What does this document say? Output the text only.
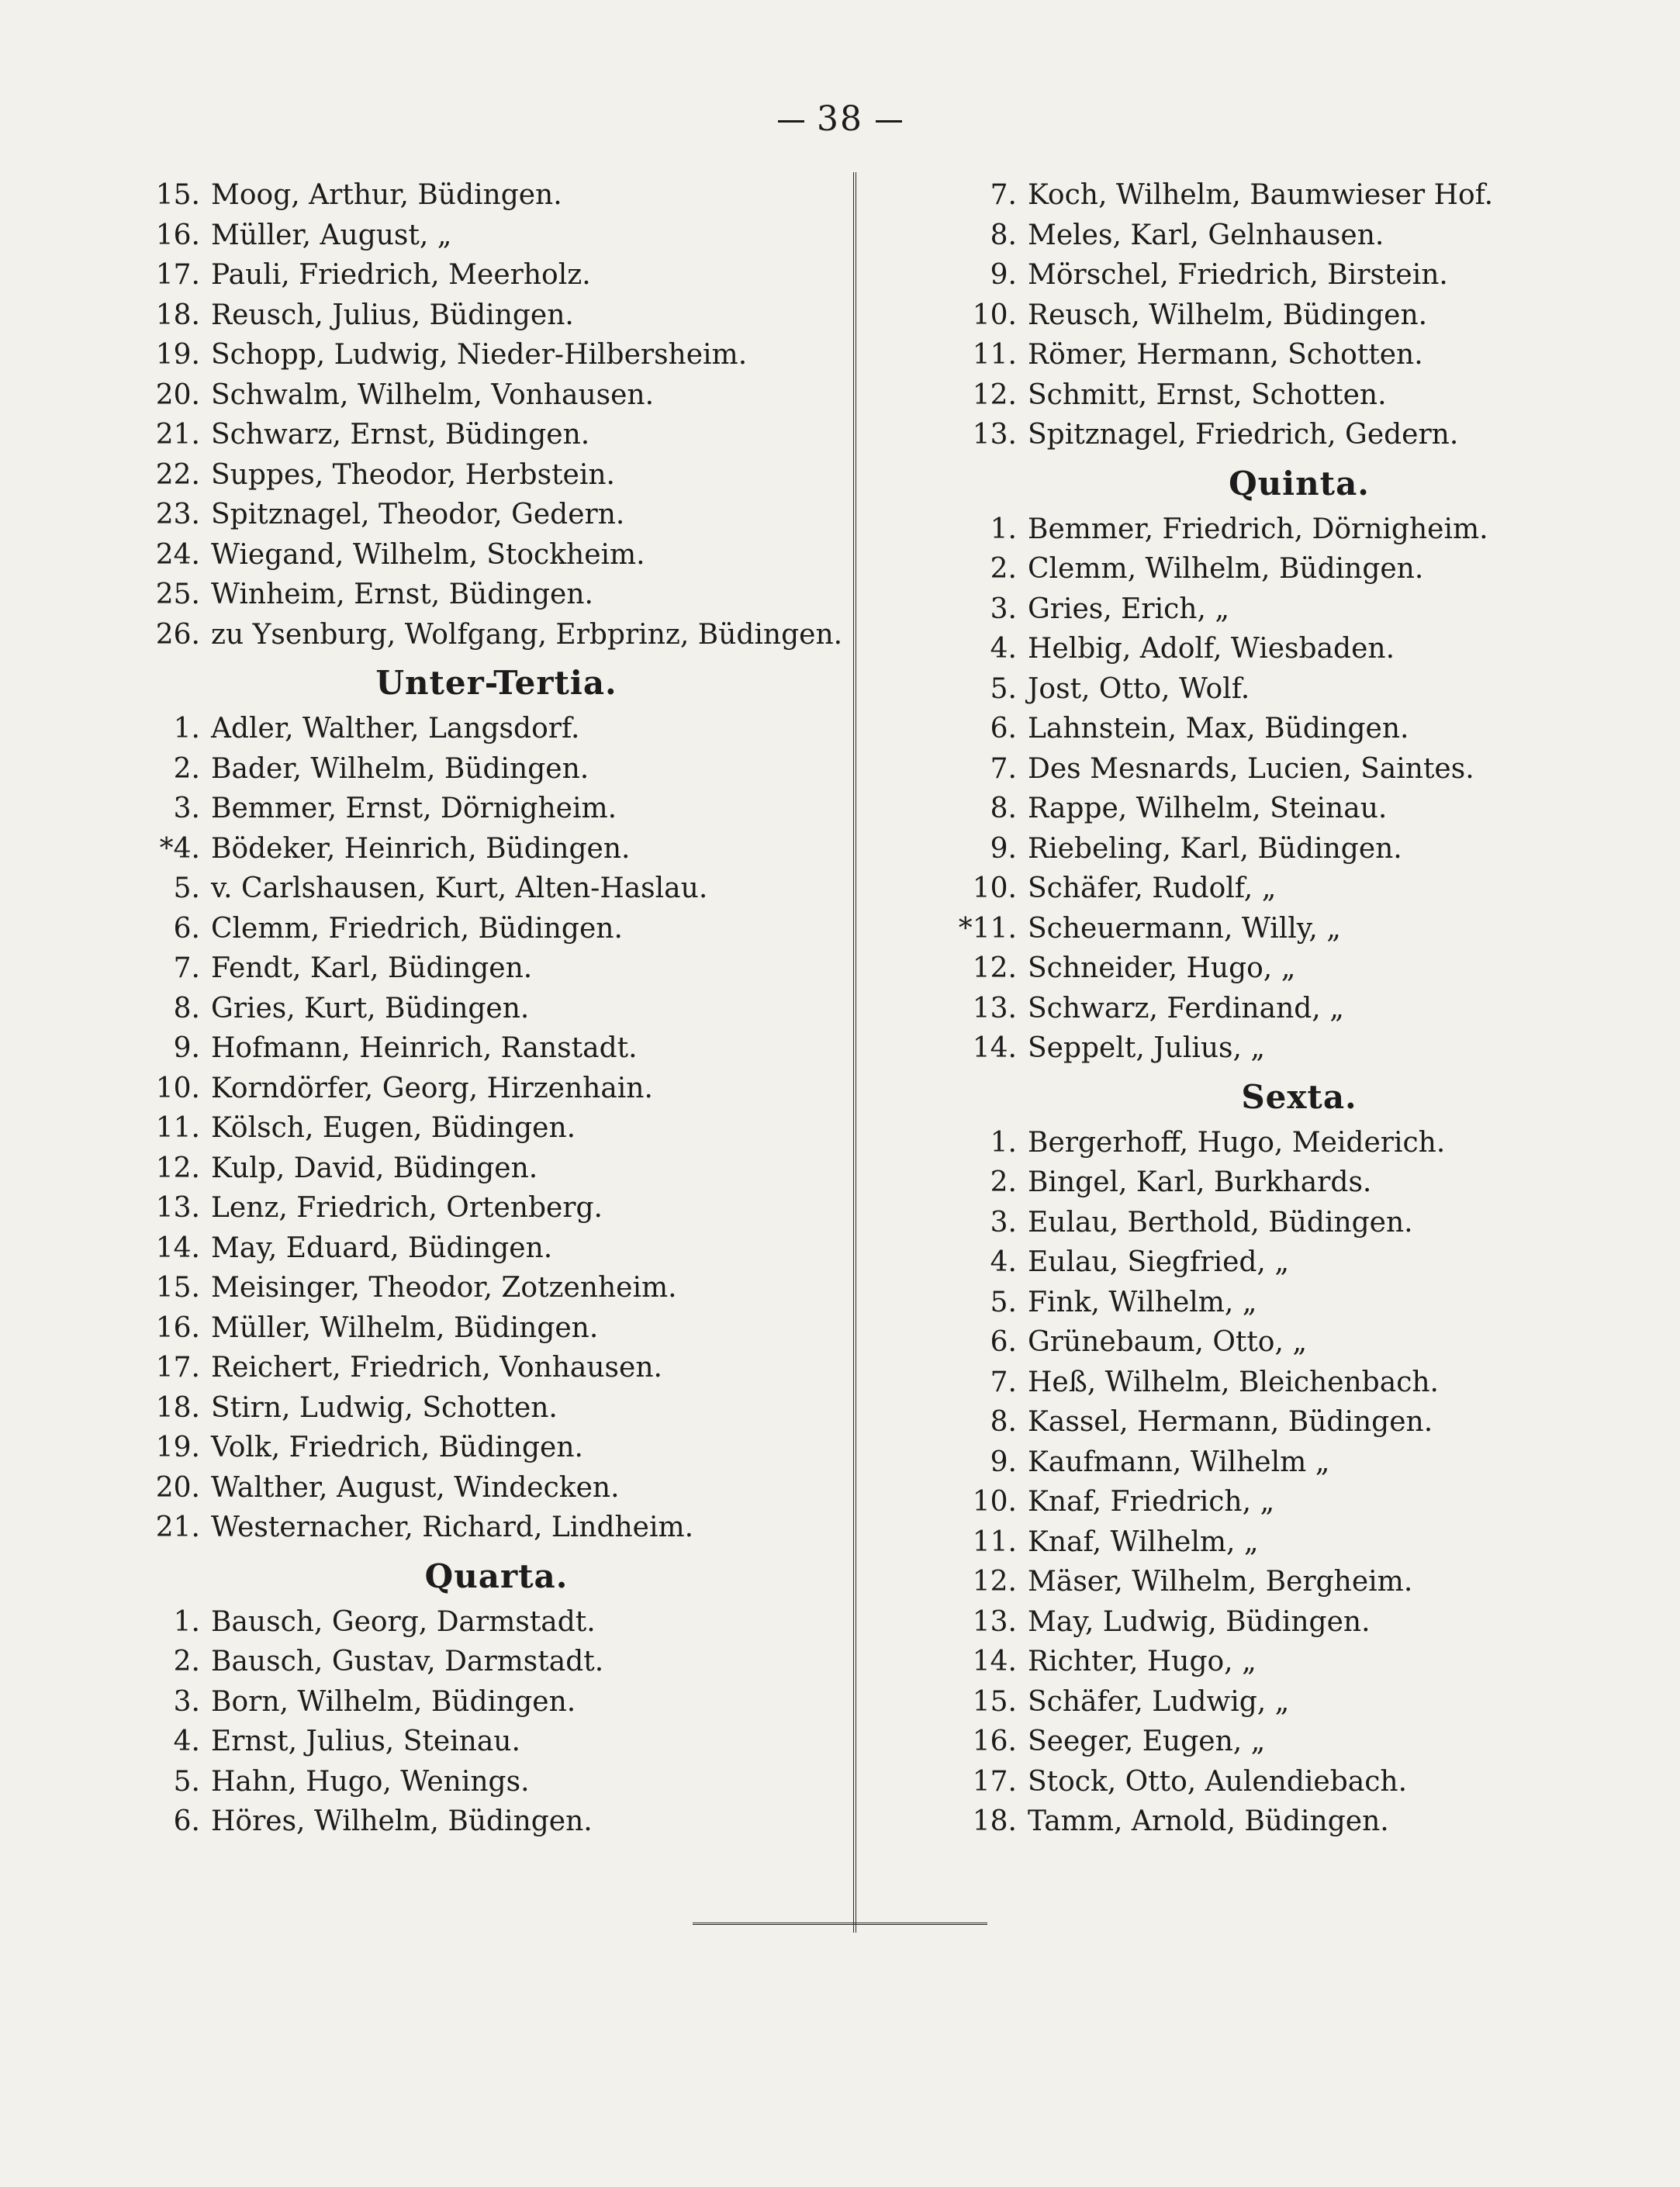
38
15. Moog, Arthur, Büdingen.
16. Müller, August, „
17. Pauli, Friedrich, Meerholz.
18. Reusch, Julius, Büdingen.
19. Schopp, Ludwig, Nieder-Hilbersheim.
20. Schwalm, Wilhelm, Vonhausen.
21. Schwarz, Ernst, Büdingen.
22. Suppes, Theodor, Herbstein.
23. Spitznagel, Theodor, Gedern.
24. Wiegand, Wilhelm, Stockheim.
25. Winheim, Ernst, Büdingen.
26. zu Ysenburg, Wolfgang, Erbprinz, Büdingen.
Unter-Tertia.
1. Adler, Walther, Langsdorf.
2. Bader, Wilhelm, Büdingen.
3. Bemmer, Ernst, Dörnigheim.
*4. Bödeker, Heinrich, Büdingen.
5. v. Carlshausen, Kurt, Alten-Haslau.
6. Clemm, Friedrich, Büdingen.
7. Fendt, Karl, Büdingen.
8. Gries, Kurt, Büdingen.
9. Hofmann, Heinrich, Ranstadt.
10. Korndörfer, Georg, Hirzenhain.
11. Kölsch, Eugen, Büdingen.
12. Kulp, David, Büdingen.
13. Lenz, Friedrich, Ortenberg.
14. May, Eduard, Büdingen.
15. Meisinger, Theodor, Zotzenheim.
16. Müller, Wilhelm, Büdingen.
17. Reichert, Friedrich, Vonhausen.
18. Stirn, Ludwig, Schotten.
19. Volk, Friedrich, Büdingen.
20. Walther, August, Windecken.
21. Westernacher, Richard, Lindheim.
Quarta.
1. Bausch, Georg, Darmstadt.
2. Bausch, Gustav, Darmstadt.
3. Born, Wilhelm, Büdingen.
4. Ernst, Julius, Steinau.
5. Hahn, Hugo, Wenings.
6. Höres, Wilhelm, Büdingen.
7. Koch, Wilhelm, Baumwieser Hof.
8. Meles, Karl, Gelnhausen.
9. Mörschel, Friedrich, Birstein.
10. Reusch, Wilhelm, Büdingen.
11. Römer, Hermann, Schotten.
12. Schmitt, Ernst, Schotten.
13. Spitznagel, Friedrich, Gedern.
Quinta.
1. Bemmer, Friedrich, Dörnigheim.
2. Clemm, Wilhelm, Büdingen.
3. Gries, Erich, „
4. Helbig, Adolf, Wiesbaden.
5. Jost, Otto, Wolf.
6. Lahnstein, Max, Büdingen.
7. Des Mesnards, Lucien, Saintes.
8. Rappe, Wilhelm, Steinau.
9. Riebeling, Karl, Büdingen.
10. Schäfer, Rudolf, „
*11. Scheuermann, Willy, „
12. Schneider, Hugo, „
13. Schwarz, Ferdinand, „
14. Seppelt, Julius, „
Sexta.
1. Bergerhoff, Hugo, Meiderich.
2. Bingel, Karl, Burkhards.
3. Eulau, Berthold, Büdingen.
4. Eulau, Siegfried, „
5. Fink, Wilhelm, „
6. Grünebaum, Otto, „
7. Heß, Wilhelm, Bleichenbach.
8. Kassel, Hermann, Büdingen.
9. Kaufmann, Wilhelm „
10. Knaf, Friedrich, „
11. Knaf, Wilhelm, „
12. Mäser, Wilhelm, Bergheim.
13. May, Ludwig, Büdingen.
14. Richter, Hugo, „
15. Schäfer, Ludwig, „
16. Seeger, Eugen, „
17. Stock, Otto, Aulendiebach.
18. Tamm, Arnold, Büdingen.
